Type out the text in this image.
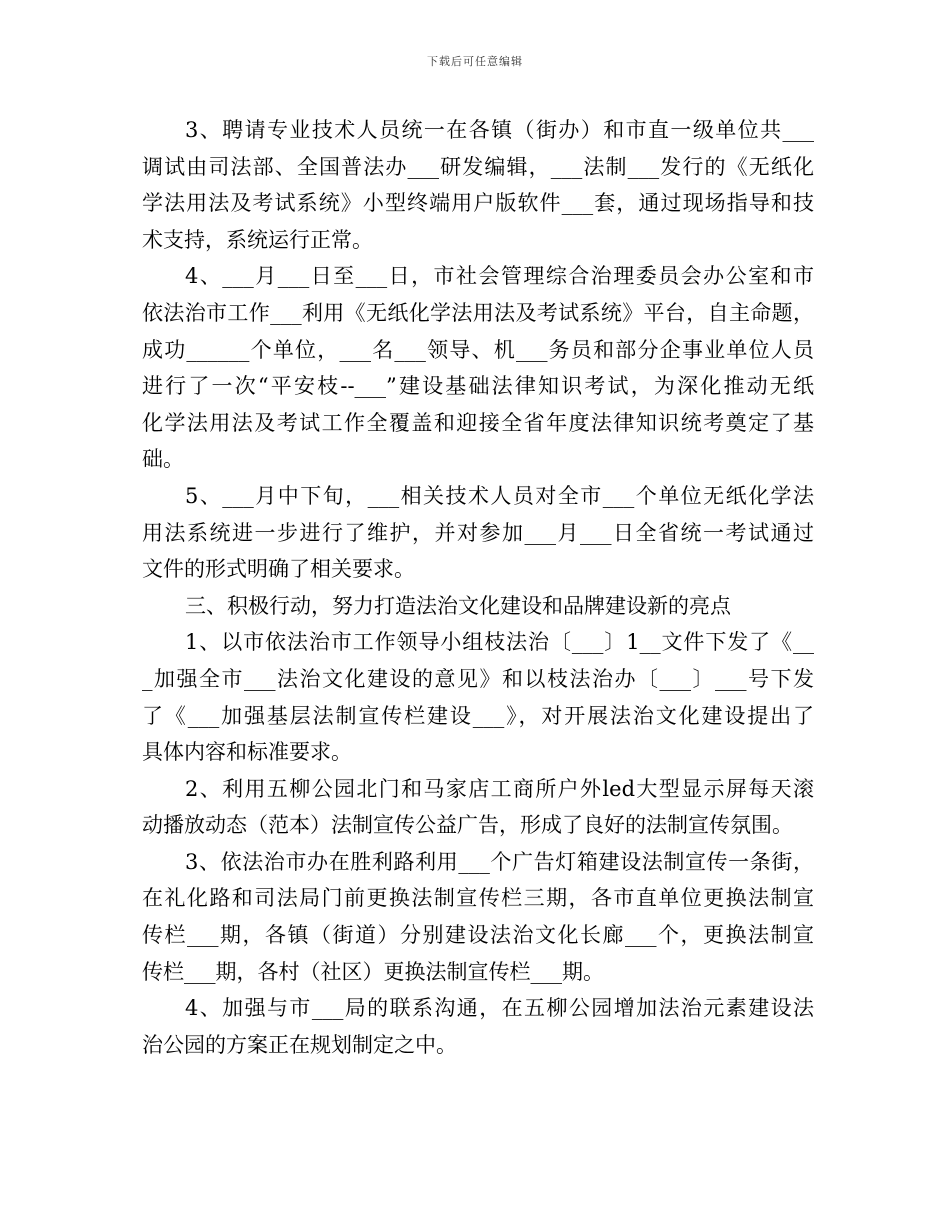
下载后可任意编辑
3、聘请专业技术人员统一在各镇（街办）和市直一级单位共___
调试由司法部、全国普法办___研发编辑，___法制___发行的《无纸化
学法用法及考试系统》小型终端用户版软件___套，通过现场指导和技
术支持，系统运行正常。
4、___月___日至___日，市社会管理综合治理委员会办公室和市
依法治市工作___利用《无纸化学法用法及考试系统》平台，自主命题，
成功______个单位，___名___领导、机___务员和部分企事业单位人员
进行了一次“平安枝--___”建设基础法律知识考试，为深化推动无纸
化学法用法及考试工作全覆盖和迎接全省年度法律知识统考奠定了基
础。
5、___月中下旬，___相关技术人员对全市___个单位无纸化学法
用法系统进一步进行了维护，并对参加___月___日全省统一考试通过
文件的形式明确了相关要求。
三、积极行动，努力打造法治文化建设和品牌建设新的亮点
1、以市依法治市工作领导小组枝法治〔___〕1__文件下发了《__
_加强全市___法治文化建设的意见》和以枝法治办〔___〕___号下发
了《___加强基层法制宣传栏建设___》，对开展法治文化建设提出了
具体内容和标准要求。
2、利用五柳公园北门和马家店工商所户外led大型显示屏每天滚
动播放动态（范本）法制宣传公益广告，形成了良好的法制宣传氛围。
3、依法治市办在胜利路利用___个广告灯箱建设法制宣传一条街，
在礼化路和司法局门前更换法制宣传栏三期，各市直单位更换法制宣
传栏___期，各镇（街道）分别建设法治文化长廊___个，更换法制宣
传栏___期，各村（社区）更换法制宣传栏___期。
4、加强与市___局的联系沟通，在五柳公园增加法治元素建设法
治公园的方案正在规划制定之中。
